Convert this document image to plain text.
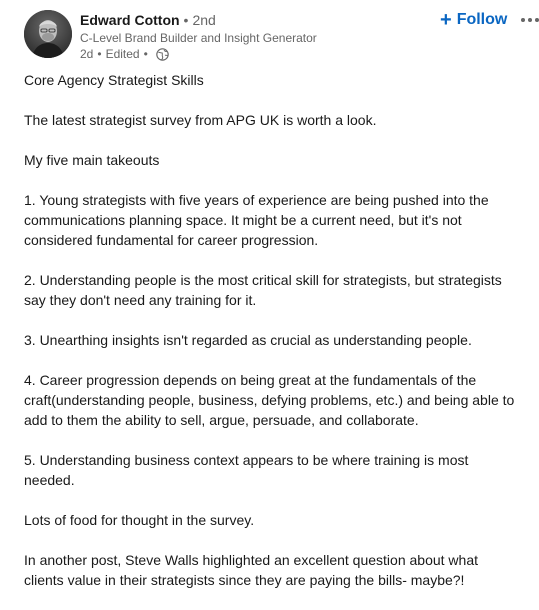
Edward Cotton • 2nd
C-Level Brand Builder and Insight Generator
2d • Edited •
+ Follow
Core Agency Strategist Skills
The latest strategist survey from APG UK is worth a look.
My five main takeouts
1. Young strategists with five years of experience are being pushed into the
communications planning space. It might be a current need, but it's not
considered fundamental for career progression.
2. Understanding people is the most critical skill for strategists, but strategists
say they don't need any training for it.
3. Unearthing insights isn't regarded as crucial as understanding people.
4. Career progression depends on being great at the fundamentals of the
craft(understanding people, business, defying problems, etc.) and being able to
add to them the ability to sell, argue, persuade, and collaborate.
5. Understanding business context appears to be where training is most
needed.
Lots of food for thought in the survey.
In another post, Steve Walls highlighted an excellent question about what
clients value in their strategists since they are paying the bills- maybe?!
